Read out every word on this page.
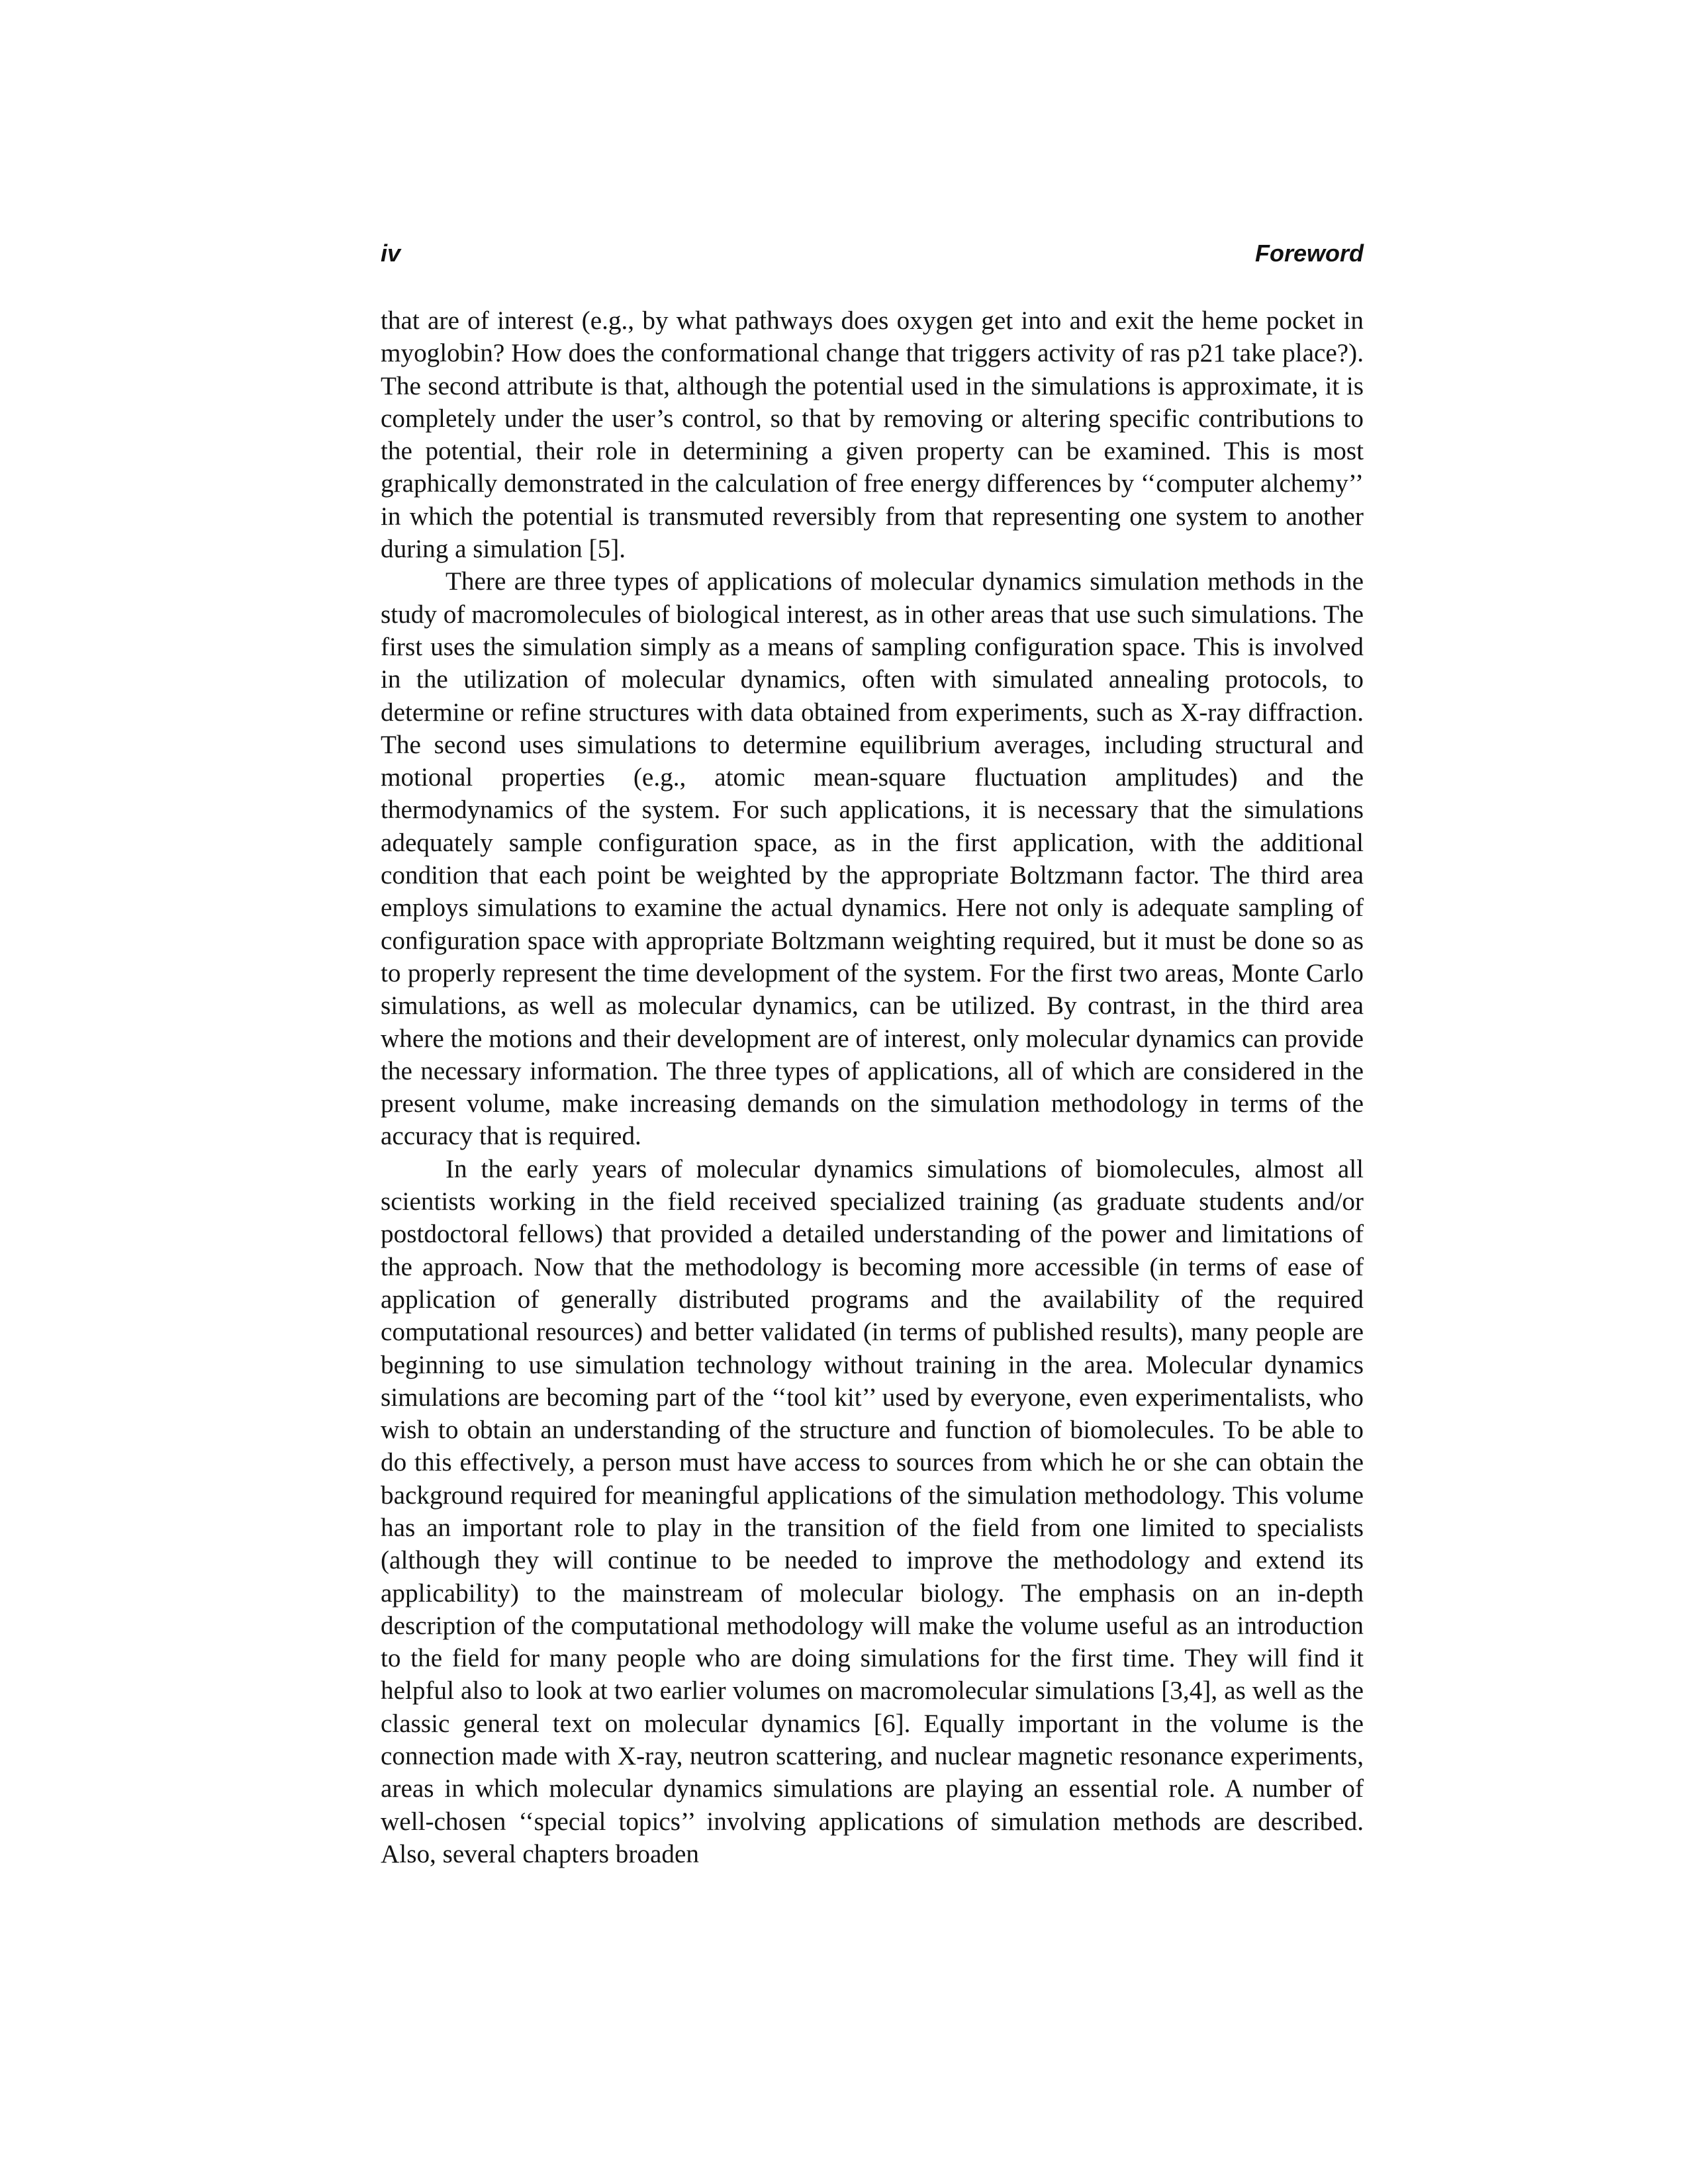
iv	Foreword

that are of interest (e.g., by what pathways does oxygen get into and exit the heme pocket in myoglobin? How does the conformational change that triggers activity of ras p21 take place?). The second attribute is that, although the potential used in the simulations is approximate, it is completely under the user’s control, so that by removing or altering specific contributions to the potential, their role in determining a given property can be examined. This is most graphically demonstrated in the calculation of free energy differences by ‘‘computer alchemy’’ in which the potential is transmuted reversibly from that representing one system to another during a simulation [5].

There are three types of applications of molecular dynamics simulation methods in the study of macromolecules of biological interest, as in other areas that use such simulations. The first uses the simulation simply as a means of sampling configuration space. This is involved in the utilization of molecular dynamics, often with simulated annealing protocols, to determine or refine structures with data obtained from experiments, such as X-ray diffraction. The second uses simulations to determine equilibrium averages, including structural and motional properties (e.g., atomic mean-square fluctuation amplitudes) and the thermodynamics of the system. For such applications, it is necessary that the simulations adequately sample configuration space, as in the first application, with the additional condition that each point be weighted by the appropriate Boltzmann factor. The third area employs simulations to examine the actual dynamics. Here not only is adequate sampling of configuration space with appropriate Boltzmann weighting required, but it must be done so as to properly represent the time development of the system. For the first two areas, Monte Carlo simulations, as well as molecular dynamics, can be utilized. By contrast, in the third area where the motions and their development are of interest, only molecular dynamics can provide the necessary information. The three types of applications, all of which are considered in the present volume, make increasing demands on the simulation methodology in terms of the accuracy that is required.

In the early years of molecular dynamics simulations of biomolecules, almost all scientists working in the field received specialized training (as graduate students and/or postdoctoral fellows) that provided a detailed understanding of the power and limitations of the approach. Now that the methodology is becoming more accessible (in terms of ease of application of generally distributed programs and the availability of the required computational resources) and better validated (in terms of published results), many people are beginning to use simulation technology without training in the area. Molecular dynamics simulations are becoming part of the ‘‘tool kit’’ used by everyone, even experimentalists, who wish to obtain an understanding of the structure and function of biomolecules. To be able to do this effectively, a person must have access to sources from which he or she can obtain the background required for meaningful applications of the simulation methodology. This volume has an important role to play in the transition of the field from one limited to specialists (although they will continue to be needed to improve the methodology and extend its applicability) to the mainstream of molecular biology. The emphasis on an in-depth description of the computational methodology will make the volume useful as an introduction to the field for many people who are doing simulations for the first time. They will find it helpful also to look at two earlier volumes on macromolecular simulations [3,4], as well as the classic general text on molecular dynamics [6]. Equally important in the volume is the connection made with X-ray, neutron scattering, and nuclear magnetic resonance experiments, areas in which molecular dynamics simulations are playing an essential role. A number of well-chosen ‘‘special topics’’ involving applications of simulation methods are described. Also, several chapters broaden
